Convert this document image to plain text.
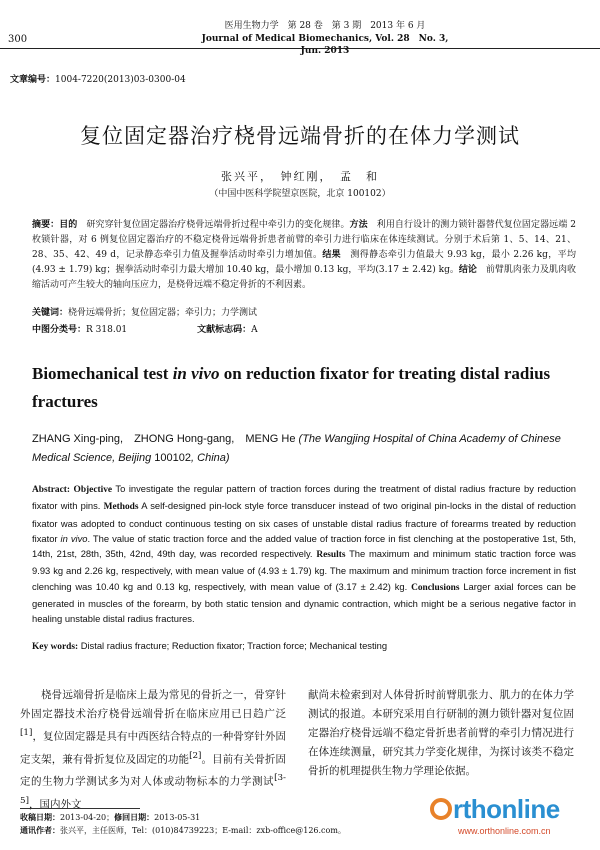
300
医用生物力学　第 28 卷　第 3 期　2013 年 6 月
Journal of Medical Biomechanics, Vol. 28　No. 3, Jun. 2013
文章编号：1004-7220(2013)03-0300-04
复位固定器治疗桡骨远端骨折的在体力学测试
张兴平，　钟红刚，　孟　和
（中国中医科学院望京医院，北京 100102）
摘要：目的　 研究穿针复位固定器治疗桡骨远端骨折过程中牵引力的变化规律。方法　 利用自行设计的测力锁针器替代复位固定器远端 2 枚锁针器，对 6 例复位固定器治疗的不稳定桡骨远端骨折患者前臂的牵引力进行临床在体连续测试。分别于术后第 1、5、14、21、28、35、42、49 d，记录静态牵引力值及握拳活动时牵引力增加值。结果　 测得静态牵引力值最大 9.93 kg，最小 2.26 kg，平均(4.93 ± 1.79) kg；握拳活动时牵引力最大增加 10.40 kg，最小增加 0.13 kg，平均(3.17 ± 2.42) kg。结论　 前臂肌肉张力及肌肉收缩活动可产生较大的轴向压应力，是桡骨远端不稳定骨折的不利因素。
关键词：桡骨远端骨折；复位固定器；牵引力；力学测试
中图分类号：R 318.01	文献标志码：A
Biomechanical test in vivo on reduction fixator for treating distal radius fractures
ZHANG Xing-ping,　ZHONG Hong-gang,　MENG He (The Wangjing Hospital of China Academy of Chinese Medical Science, Beijing 100102, China)
Abstract: Objective To investigate the regular pattern of traction forces during the treatment of distal radius fracture by reduction fixator with pins. Methods A self-designed pin-lock style force transducer instead of two original pin-locks in the distal of reduction fixator was adopted to conduct continuous testing on six cases of unstable distal radius fracture of forearms treated by reduction fixator in vivo. The value of static traction force and the added value of traction force in fist clenching at the postoperative 1st, 5th, 14th, 21st, 28th, 35th, 42nd, 49th day, was recorded respectively. Results The maximum and minimum static traction force was 9.93 kg and 2.26 kg, respectively, with mean value of (4.93 ± 1.79) kg. The maximum and minimum traction force increment in fist clenching was 10.40 kg and 0.13 kg, respectively, with mean value of (3.17 ± 2.42) kg. Conclusions Larger axial forces can be generated in muscles of the forearm, by both static tension and dynamic contraction, which might be a serious negative factor in healing unstable distal radius fractures.
Key words: Distal radius fracture; Reduction fixator; Traction force; Mechanical testing
桡骨远端骨折是临床上最为常见的骨折之一，骨穿针外固定器技术治疗桡骨远端骨折在临床应用已日趋广泛[1]，复位固定器是具有中西医结合特点的一种骨穿针外固定支架，兼有骨折复位及固定的功能[2]。目前有关骨折固定的生物力学测试多为对人体或动物标本的力学测试[3-5]，国内外文
献尚未检索到对人体骨折时前臂肌张力、肌力的在体力学测试的报道。本研究采用自行研制的测力锁针器对复位固定器治疗桡骨远端不稳定骨折患者前臂的牵引力情况进行在体连续测量，研究其力学变化规律，为探讨该类不稳定骨折的机理提供生物力学理论依据。
收稿日期：2013-04-20；修回日期：2013-05-31
通讯作者：张兴平，主任医师，Tel：(010)84739223；E-mail：zxb-office@126.com。
rthonline
www.orthonline.com.cn
